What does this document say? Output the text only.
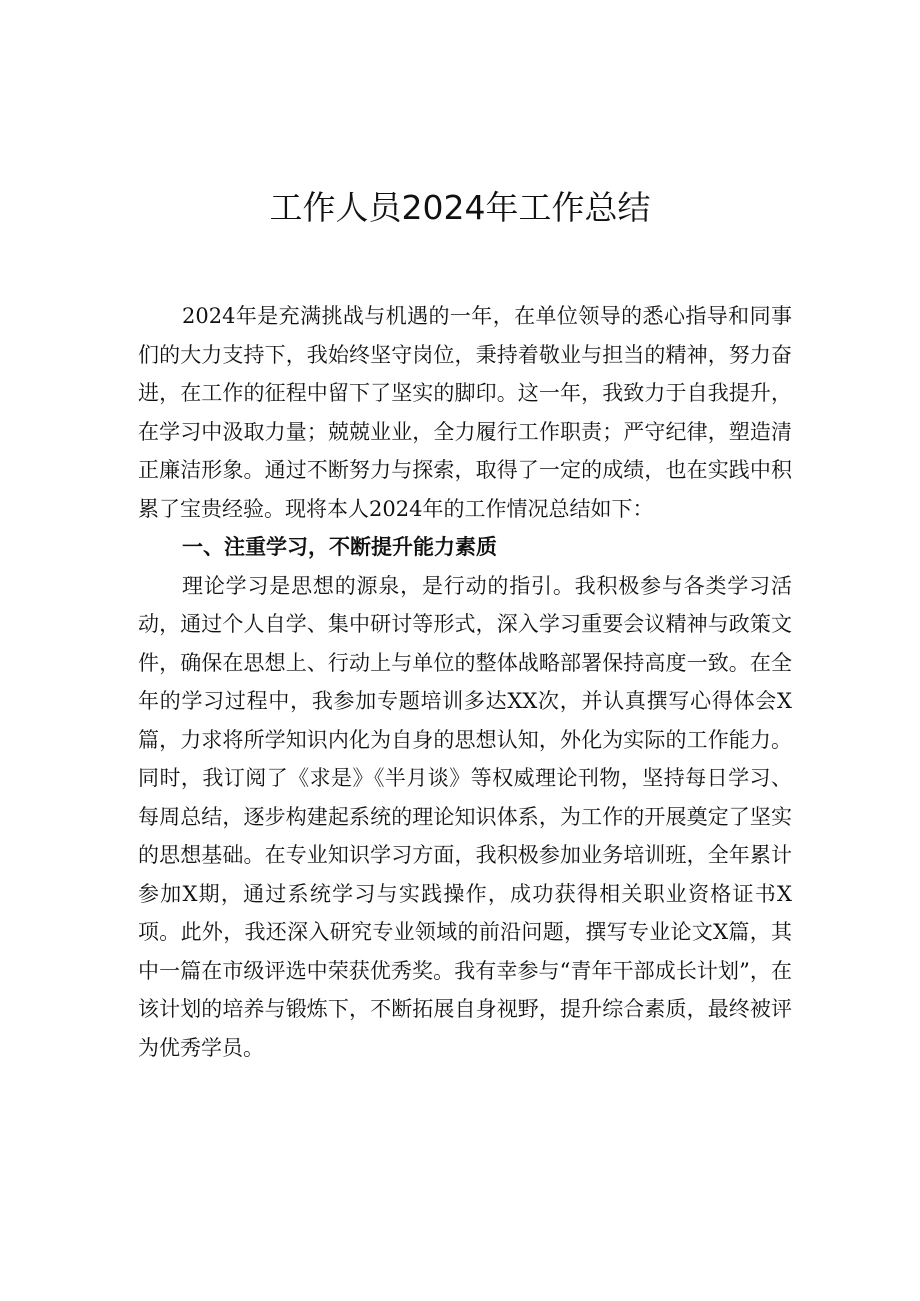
工作人员2024年工作总结

2024年是充满挑战与机遇的一年，在单位领导的悉心指导和同事们的大力支持下，我始终坚守岗位，秉持着敬业与担当的精神，努力奋进，在工作的征程中留下了坚实的脚印。这一年，我致力于自我提升，在学习中汲取力量；兢兢业业，全力履行工作职责；严守纪律，塑造清正廉洁形象。通过不断努力与探索，取得了一定的成绩，也在实践中积累了宝贵经验。现将本人2024年的工作情况总结如下：

一、注重学习，不断提升能力素质

理论学习是思想的源泉，是行动的指引。我积极参与各类学习活动，通过个人自学、集中研讨等形式，深入学习重要会议精神与政策文件，确保在思想上、行动上与单位的整体战略部署保持高度一致。在全年的学习过程中，我参加专题培训多达XX次，并认真撰写心得体会X篇，力求将所学知识内化为自身的思想认知，外化为实际的工作能力。同时，我订阅了《求是》《半月谈》等权威理论刊物，坚持每日学习、每周总结，逐步构建起系统的理论知识体系，为工作的开展奠定了坚实的思想基础。在专业知识学习方面，我积极参加业务培训班，全年累计参加X期，通过系统学习与实践操作，成功获得相关职业资格证书X项。此外，我还深入研究专业领域的前沿问题，撰写专业论文X篇，其中一篇在市级评选中荣获优秀奖。我有幸参与“青年干部成长计划”，在该计划的培养与锻炼下，不断拓展自身视野，提升综合素质，最终被评为优秀学员。
